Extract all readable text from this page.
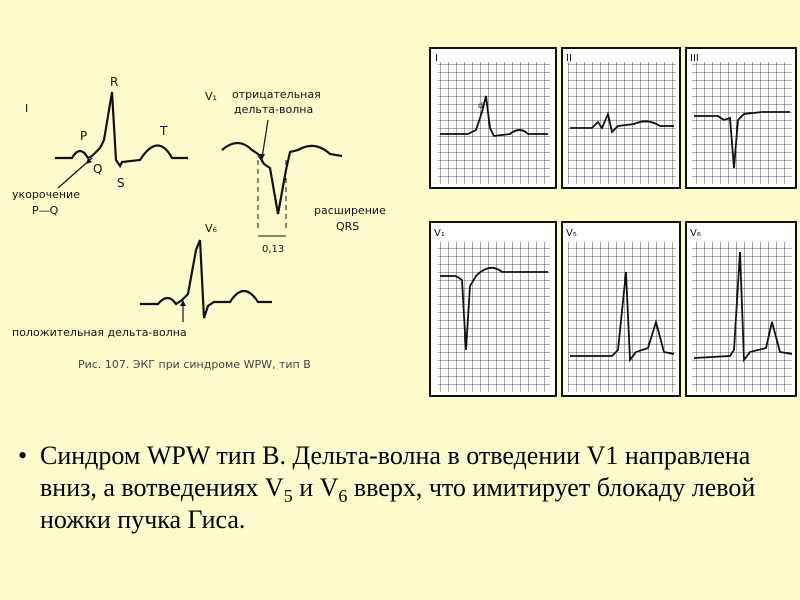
I
R
P
Q
S
T
укорочение
P—Q
V₁ отрицательная
дельта-волна
0,13
расширение
QRS
V₆
положительная дельта-волна
Рис. 107. ЭКГ при синдроме WPW, тип B
I
d
II	III
V₁	V₅	V₆
• Синдром WPW тип B. Дельта-волна в отведении V1 направлена вниз, а вотведениях $V_5$ и $V_6$ вверх, что имитирует блокаду левой ножки пучка Гиса.
